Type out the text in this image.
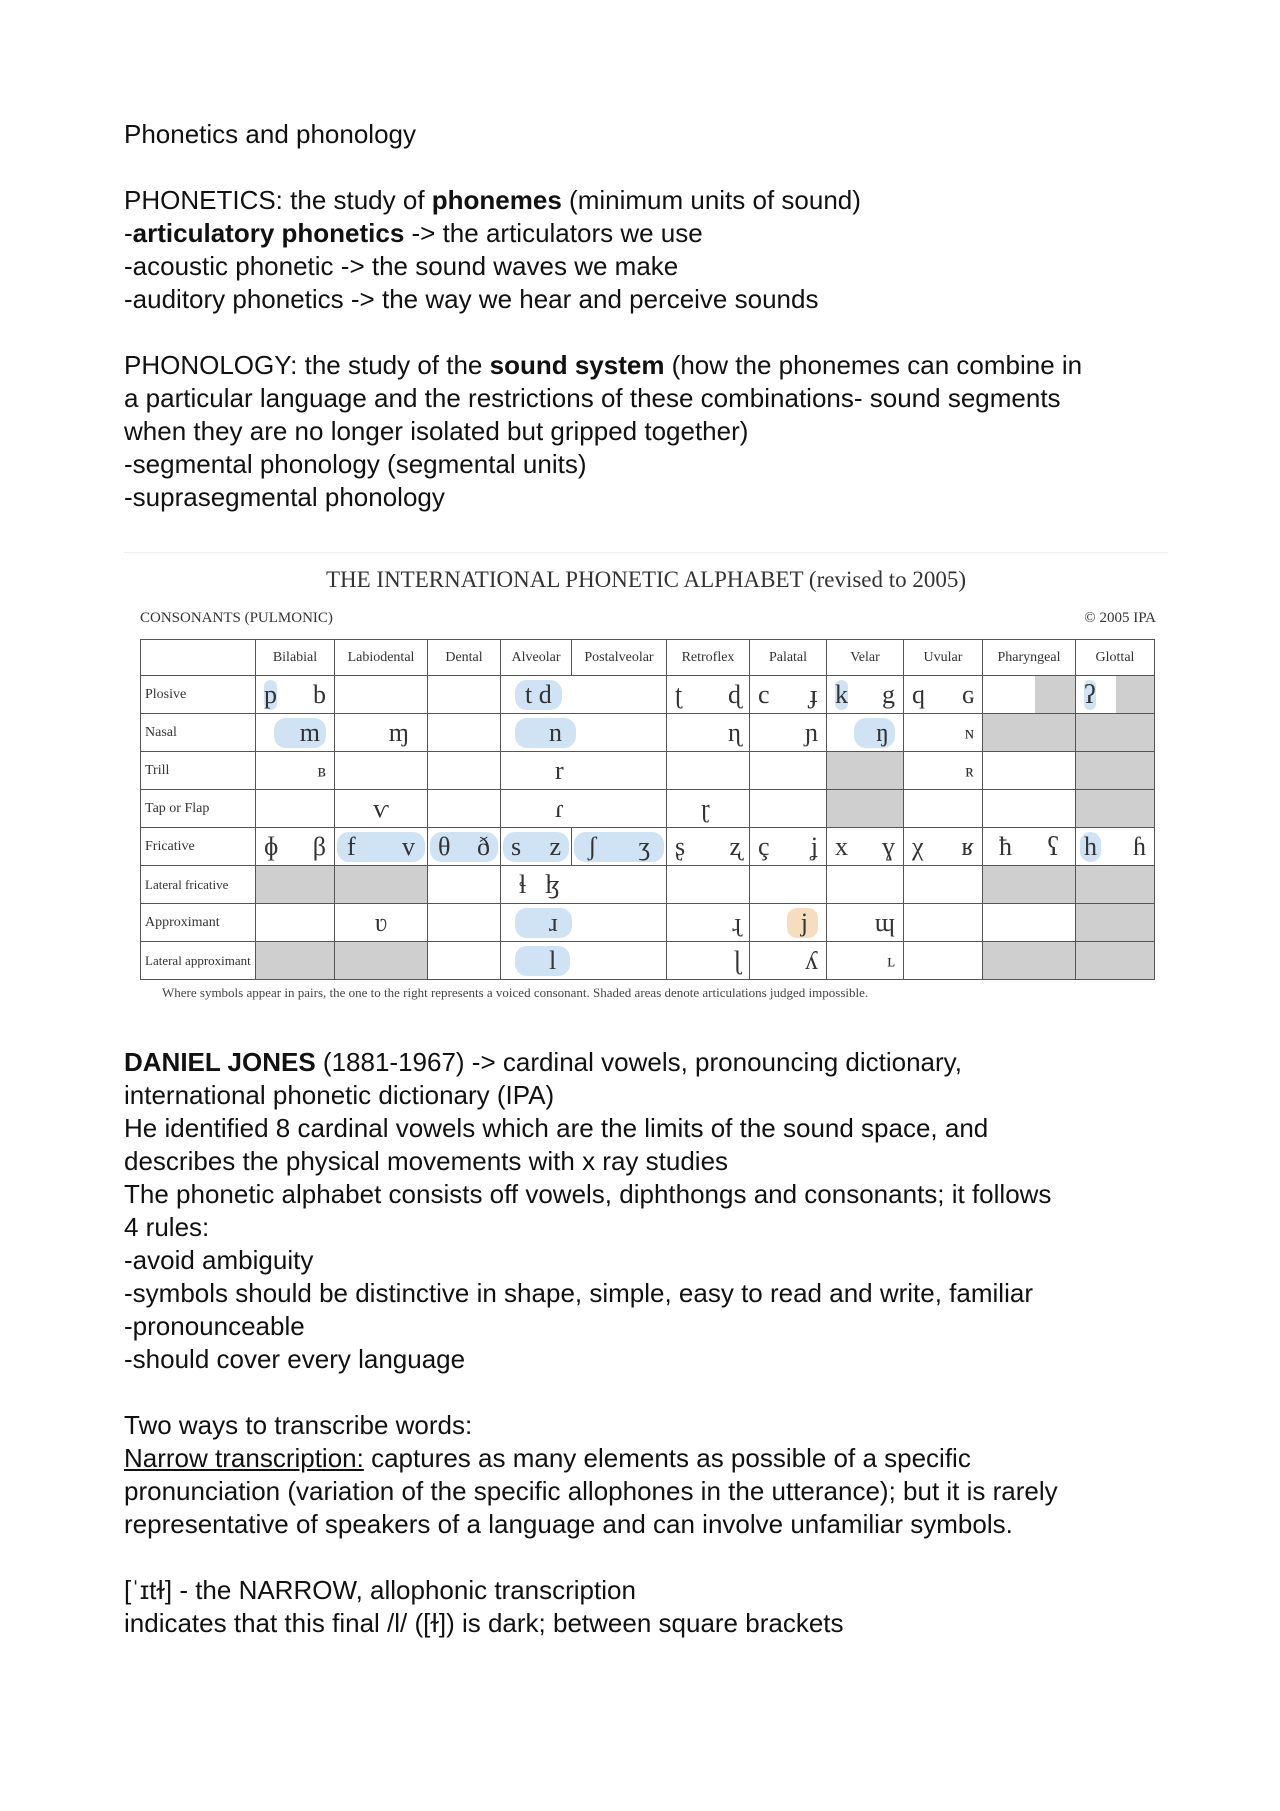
Phonetics and phonology
PHONETICS: the study of phonemes (minimum units of sound)
-articulatory phonetics -> the articulators we use
-acoustic phonetic -> the sound waves we make
-auditory phonetics -> the way we hear and perceive sounds
PHONOLOGY: the study of the sound system (how the phonemes can combine in
a particular language and the restrictions of these combinations- sound segments
when they are no longer isolated but gripped together)
-segmental phonology (segmental units)
-suprasegmental phonology
THE INTERNATIONAL PHONETIC ALPHABET (revised to 2005)
CONSONANTS (PULMONIC)	© 2005 IPA
	Bilabial	Labiodental	Dental	Alveolar	Postalveolar	Retroflex	Palatal	Velar	Uvular	Pharyngeal	Glottal
Plosive	p b			t d		ʈ ɖ	c ɟ	k g	q ɢ		ʔ

Nasal	m	ɱ		n		ɳ	ɲ	ŋ	ɴ		

Trill	ʙ			r					ʀ		

Tap or Flap		ⱱ		ɾ		ɽ					

Fricative	ɸ β	f v	θ ð	s z	ʃ ʒ	ʂ ʐ	ç ʝ	x ɣ	χ ʁ	ħ ʕ	h ɦ

Lateral fricative				ɬ ɮ							

Approximant		ʋ		ɹ		ɻ	j	ɰ			

Lateral approximant				l		ɭ	ʎ	ʟ			

Where symbols appear in pairs, the one to the right represents a voiced consonant. Shaded areas denote articulations judged impossible.
DANIEL JONES (1881-1967) -> cardinal vowels, pronouncing dictionary,
international phonetic dictionary (IPA)
He identified 8 cardinal vowels which are the limits of the sound space, and
describes the physical movements with x ray studies
The phonetic alphabet consists off vowels, diphthongs and consonants; it follows
4 rules:
-avoid ambiguity
-symbols should be distinctive in shape, simple, easy to read and write, familiar
-pronounceable
-should cover every language
Two ways to transcribe words:
Narrow transcription: captures as many elements as possible of a specific
pronunciation (variation of the specific allophones in the utterance); but it is rarely
representative of speakers of a language and can involve unfamiliar symbols.
[ˈɪtɫ] - the NARROW, allophonic transcription
indicates that this final /l/ ([ɫ]) is dark; between square brackets
